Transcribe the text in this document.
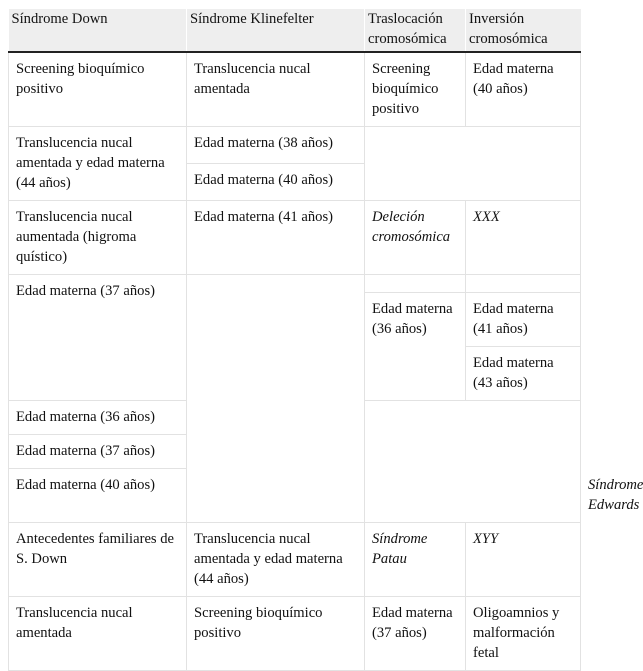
Síndrome Down	Síndrome Klinefelter	Traslocación cromosómica	Inversión cromosómica	
Screening bioquímico positivo	Translucencia nucal amentada	Screening bioquímico positivo	Edad materna (40 años)	
Translucencia nucal amentada y edad materna (44 años)	Edad materna (38 años)			
	Edad materna (40 años)			
Translucencia nucal aumentada (higroma quístico)	Edad materna (41 años)	Deleción cromosómica	XXX	
Edad materna (37 años)				
		Edad materna (36 años)	Edad materna (41 años)	
			Edad materna (43 años)	
Edad materna (36 años)				
Edad materna (37 años)				
Edad materna (40 años)				Síndrome Edwards
Antecedentes familiares de S. Down	Translucencia nucal amentada y edad materna (44 años)	Síndrome Patau	XYY	
Translucencia nucal amentada	Screening bioquímico positivo	Edad materna (37 años)	Oligoamnios y malformación fetal	
